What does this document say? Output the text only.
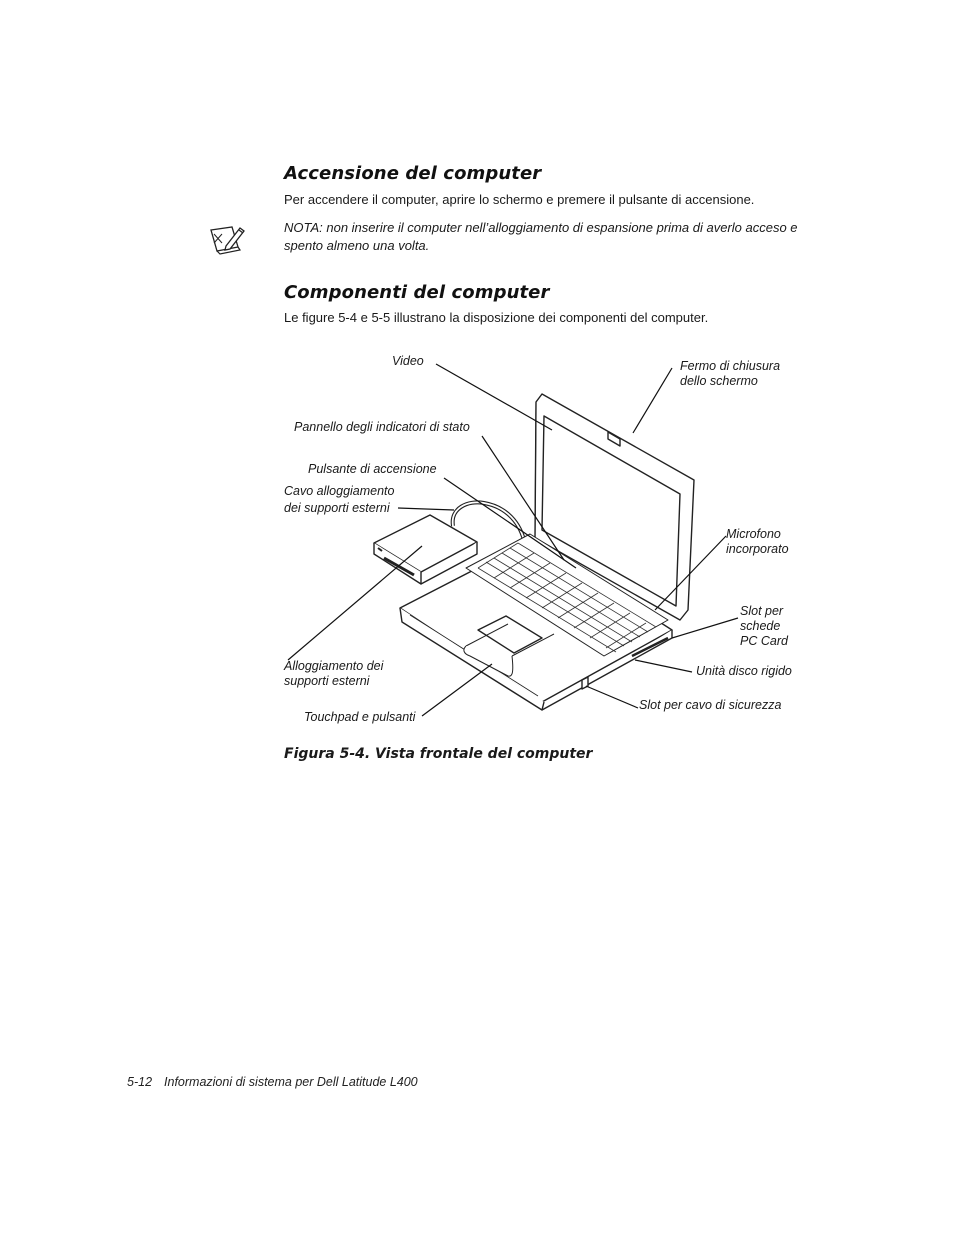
Accensione del computer

Per accendere il computer, aprire lo schermo e premere il pulsante di accensione.

NOTA: non inserire il computer nell’alloggiamento di espansione prima di averlo acceso e spento almeno una volta.

Componenti del computer

Le figure 5-4 e 5-5 illustrano la disposizione dei componenti del computer.

Video	Fermo di chiusura dello schermo
Pannello degli indicatori di stato
Pulsante di accensione
Cavo alloggiamento dei supporti esterni
Microfono incorporato
Slot per schede PC Card
Unità disco rigido
Alloggiamento dei supporti esterni
Slot per cavo di sicurezza
Touchpad e pulsanti

Figura 5-4. Vista frontale del computer

5-12 Informazioni di sistema per Dell Latitude L400
